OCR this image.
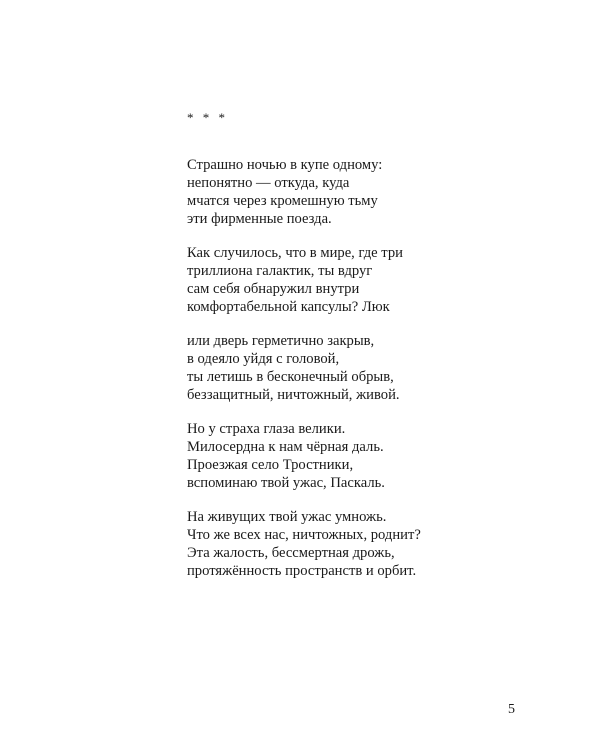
* * *
Страшно ночью в купе одному:
непонятно — откуда, куда
мчатся через кромешную тьму
эти фирменные поезда.
Как случилось, что в мире, где три
триллиона галактик, ты вдруг
сам себя обнаружил внутри
комфортабельной капсулы? Люк
или дверь герметично закрыв,
в одеяло уйдя с головой,
ты летишь в бесконечный обрыв,
беззащитный, ничтожный, живой.
Но у страха глаза велики.
Милосердна к нам чёрная даль.
Проезжая село Тростники,
вспоминаю твой ужас, Паскаль.
На живущих твой ужас умножь.
Что же всех нас, ничтожных, роднит?
Эта жалость, бессмертная дрожь,
протяжённость пространств и орбит.
5
